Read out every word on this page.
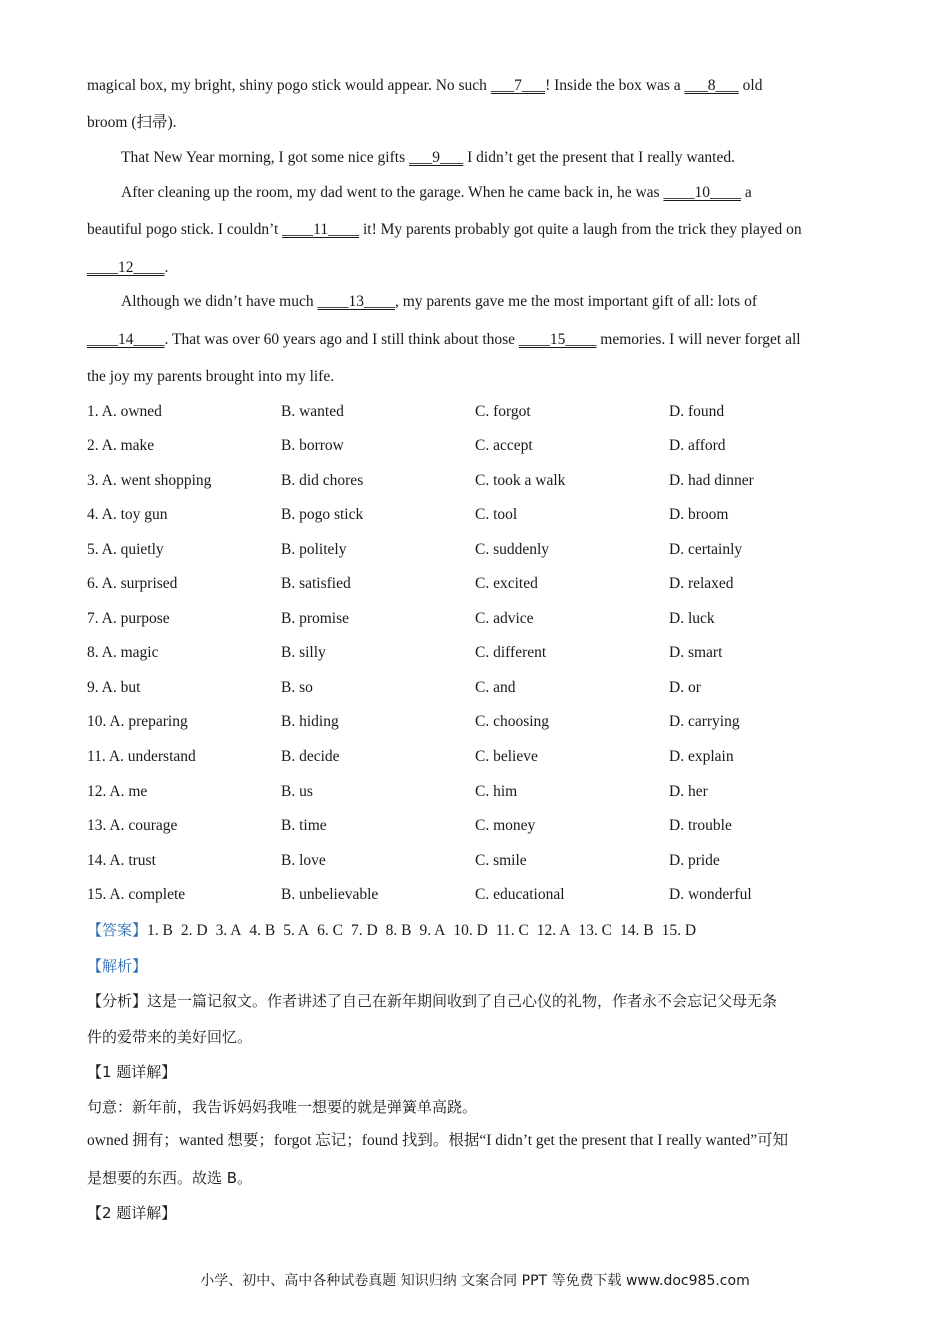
magical box, my bright, shiny pogo stick would appear. No such ___7___! Inside the box was a ___8___ old
broom (扫帚).
That New Year morning, I got some nice gifts ___9___ I didn’t get the present that I really wanted.
After cleaning up the room, my dad went to the garage. When he came back in, he was ____10____ a
beautiful pogo stick. I couldn’t ____11____ it! My parents probably got quite a laugh from the trick they played on
____12____.
Although we didn’t have much ____13____, my parents gave me the most important gift of all: lots of
____14____. That was over 60 years ago and I still think about those ____15____ memories. I will never forget all
the joy my parents brought into my life.
1. A. owned	B. wanted	C. forgot	D. found
2. A. make	B. borrow	C. accept	D. afford
3. A. went shopping	B. did chores	C. took a walk	D. had dinner
4. A. toy gun	B. pogo stick	C. tool	D. broom
5. A. quietly	B. politely	C. suddenly	D. certainly
6. A. surprised	B. satisfied	C. excited	D. relaxed
7. A. purpose	B. promise	C. advice	D. luck
8. A. magic	B. silly	C. different	D. smart
9. A. but	B. so	C. and	D. or
10. A. preparing	B. hiding	C. choosing	D. carrying
11. A. understand	B. decide	C. believe	D. explain
12. A. me	B. us	C. him	D. her
13. A. courage	B. time	C. money	D. trouble
14. A. trust	B. love	C. smile	D. pride
15. A. complete	B. unbelievable	C. educational	D. wonderful
【答案】1. B 2. D 3. A 4. B 5. A 6. C 7. D 8. B 9. A 10. D 11. C 12. A 13. C 14. B 15. D
【解析】
【分析】这是一篇记叙文。作者讲述了自己在新年期间收到了自己心仪的礼物，作者永不会忘记父母无条
件的爱带来的美好回忆。
【1 题详解】
句意：新年前，我告诉妈妈我唯一想要的就是弹簧单高跷。
owned 拥有；wanted 想要；forgot 忘记；found 找到。根据“I didn’t get the present that I really wanted”可知
是想要的东西。故选 B。
【2 题详解】
小学、初中、高中各种试卷真题 知识归纳 文案合同 PPT 等免费下载 www.doc985.com
